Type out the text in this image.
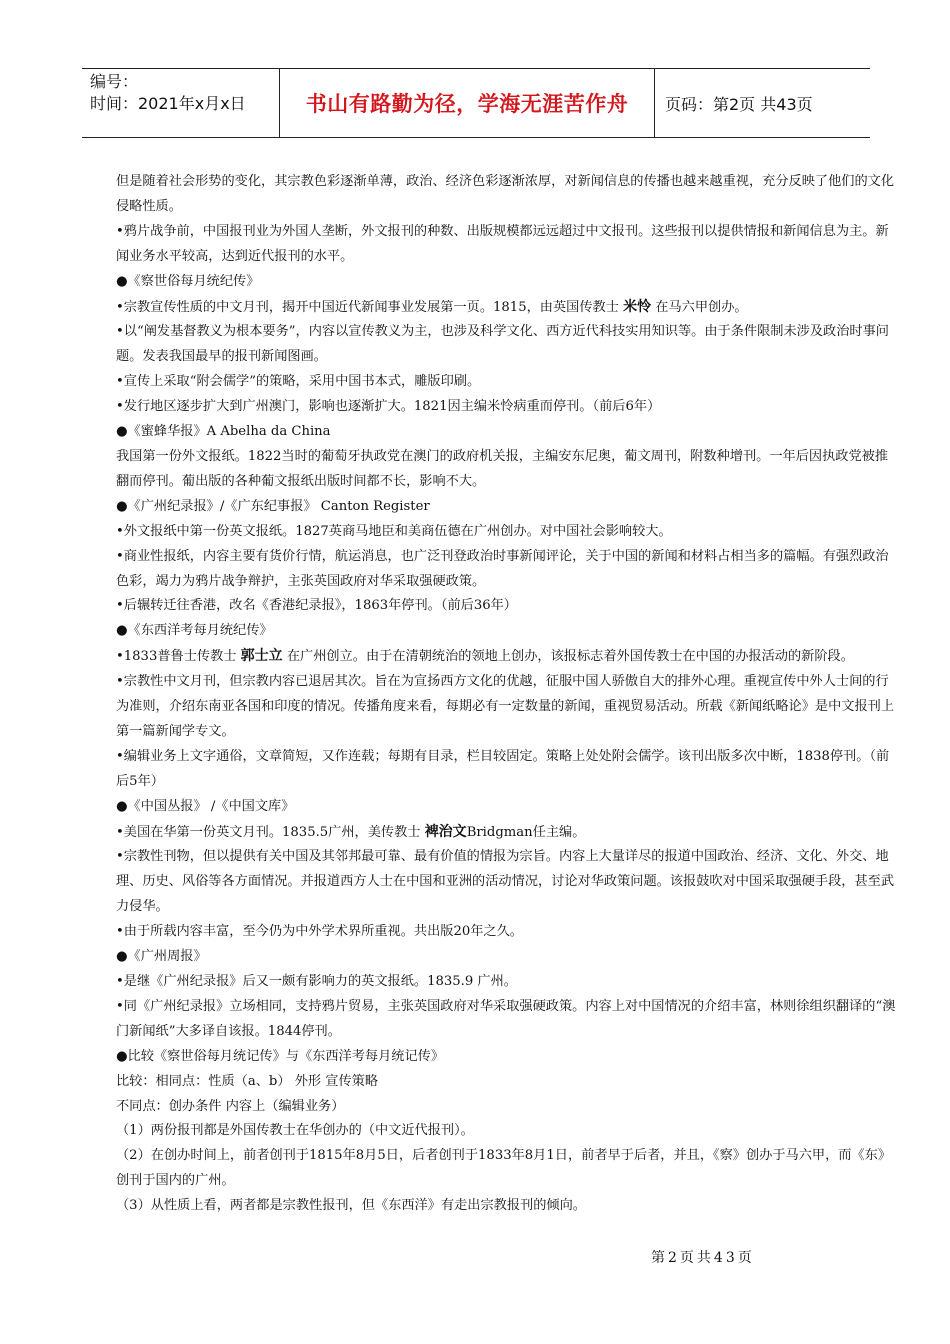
编号：
时间：2021年x月x日	书山有路勤为径，学海无涯苦作舟 页码：第2页 共43页

但是随着社会形势的变化，其宗教色彩逐渐单薄，政治、经济色彩逐渐浓厚，对新闻信息的传播也越来越重视，充分反映了他们的文化侵略性质。

•鸦片战争前，中国报刊业为外国人垄断，外文报刊的种数、出版规模都远远超过中文报刊。这些报刊以提供情报和新闻信息为主。新闻业务水平较高，达到近代报刊的水平。

●《察世俗每月统纪传》

•宗教宣传性质的中文月刊，揭开中国近代新闻事业发展第一页。1815，由英国传教士 米怜 在马六甲创办。

•以“阐发基督教义为根本要务”，内容以宣传教义为主，也涉及科学文化、西方近代科技实用知识等。由于条件限制未涉及政治时事问题。发表我国最早的报刊新闻图画。

•宣传上采取“附会儒学”的策略，采用中国书本式，雕版印刷。

•发行地区逐步扩大到广州澳门，影响也逐渐扩大。1821因主编米怜病重而停刊。（前后6年）

●《蜜蜂华报》A Abelha da China

我国第一份外文报纸。1822当时的葡萄牙执政党在澳门的政府机关报，主编安东尼奥，葡文周刊，附数种增刊。一年后因执政党被推翻而停刊。葡出版的各种葡文报纸出版时间都不长，影响不大。

●《广州纪录报》/《广东纪事报》 Canton Register

•外文报纸中第一份英文报纸。1827英商马地臣和美商伍德在广州创办。对中国社会影响较大。

•商业性报纸，内容主要有货价行情，航运消息，也广泛刊登政治时事新闻评论，关于中国的新闻和材料占相当多的篇幅。有强烈政治色彩，竭力为鸦片战争辩护，主张英国政府对华采取强硬政策。

•后辗转迁往香港，改名《香港纪录报》，1863年停刊。（前后36年）

●《东西洋考每月统纪传》

•1833普鲁士传教士 郭士立 在广州创立。由于在清朝统治的领地上创办，该报标志着外国传教士在中国的办报活动的新阶段。

•宗教性中文月刊，但宗教内容已退居其次。旨在为宣扬西方文化的优越，征服中国人骄傲自大的排外心理。重视宣传中外人士间的行为准则，介绍东南亚各国和印度的情况。传播角度来看，每期必有一定数量的新闻，重视贸易活动。所载《新闻纸略论》是中文报刊上第一篇新闻学专文。

•编辑业务上文字通俗，文章简短，又作连载；每期有目录，栏目较固定。策略上处处附会儒学。该刊出版多次中断，1838停刊。（前后5年）

●《中国丛报》 /《中国文库》

•美国在华第一份英文月刊。1835.5广州，美传教士 裨治文Bridgman任主编。

•宗教性刊物，但以提供有关中国及其邻邦最可靠、最有价值的情报为宗旨。内容上大量详尽的报道中国政治、经济、文化、外交、地理、历史、风俗等各方面情况。并报道西方人士在中国和亚洲的活动情况，讨论对华政策问题。该报鼓吹对中国采取强硬手段，甚至武力侵华。

•由于所载内容丰富，至今仍为中外学术界所重视。共出版20年之久。

●《广州周报》

•是继《广州纪录报》后又一颇有影响力的英文报纸。1835.9 广州。

•同《广州纪录报》立场相同，支持鸦片贸易，主张英国政府对华采取强硬政策。内容上对中国情况的介绍丰富，林则徐组织翻译的“澳门新闻纸”大多译自该报。1844停刊。

●比较《察世俗每月统记传》与《东西洋考每月统记传》

比较：相同点：性质（a、b） 外形 宣传策略

不同点：创办条件 内容上（编辑业务）

（1）两份报刊都是外国传教士在华创办的（中文近代报刊）。

（2）在创办时间上，前者创刊于1815年8月5日，后者创刊于1833年8月1日，前者早于后者，并且，《察》创办于马六甲，而《东》创刊于国内的广州。

（3）从性质上看，两者都是宗教性报刊，但《东西洋》有走出宗教报刊的倾向。

第2页共43页
